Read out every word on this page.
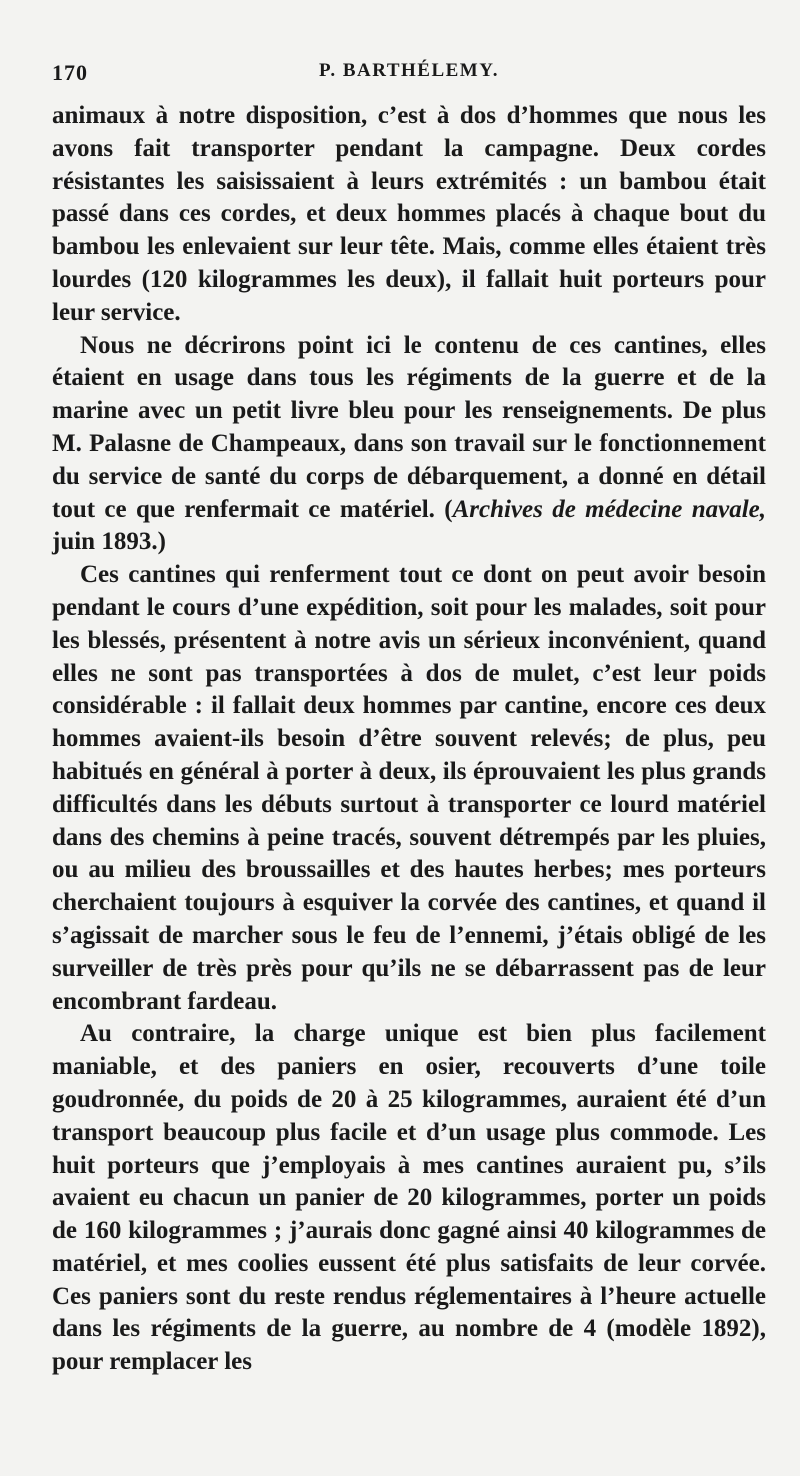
170	P. BARTHÉLEMY.

animaux à notre disposition, c’est à dos d’hommes que nous les avons fait transporter pendant la campagne. Deux cordes résistantes les saisissaient à leurs extrémités : un bambou était passé dans ces cordes, et deux hommes placés à chaque bout du bambou les enlevaient sur leur tête. Mais, comme elles étaient très lourdes (120 kilogrammes les deux), il fallait huit porteurs pour leur service.

Nous ne décrirons point ici le contenu de ces cantines, elles étaient en usage dans tous les régiments de la guerre et de la marine avec un petit livre bleu pour les renseignements. De plus M. Palasne de Champeaux, dans son travail sur le fonctionnement du service de santé du corps de débarquement, a donné en détail tout ce que renfermait ce matériel. (Archives de médecine navale, juin 1893.)

Ces cantines qui renferment tout ce dont on peut avoir besoin pendant le cours d’une expédition, soit pour les malades, soit pour les blessés, présentent à notre avis un sérieux inconvénient, quand elles ne sont pas transportées à dos de mulet, c’est leur poids considérable : il fallait deux hommes par cantine, encore ces deux hommes avaient-ils besoin d’être souvent relevés; de plus, peu habitués en général à porter à deux, ils éprouvaient les plus grands difficultés dans les débuts surtout à transporter ce lourd matériel dans des chemins à peine tracés, souvent détrempés par les pluies, ou au milieu des broussailles et des hautes herbes; mes porteurs cherchaient toujours à esquiver la corvée des cantines, et quand il s’agissait de marcher sous le feu de l’ennemi, j’étais obligé de les surveiller de très près pour qu’ils ne se débarrassent pas de leur encombrant fardeau.

Au contraire, la charge unique est bien plus facilement maniable, et des paniers en osier, recouverts d’une toile goudronnée, du poids de 20 à 25 kilogrammes, auraient été d’un transport beaucoup plus facile et d’un usage plus commode. Les huit porteurs que j’employais à mes cantines auraient pu, s’ils avaient eu chacun un panier de 20 kilogrammes, porter un poids de 160 kilogrammes ; j’aurais donc gagné ainsi 40 kilogrammes de matériel, et mes coolies eussent été plus satisfaits de leur corvée. Ces paniers sont du reste rendus réglementaires à l’heure actuelle dans les régiments de la guerre, au nombre de 4 (modèle 1892), pour remplacer les
